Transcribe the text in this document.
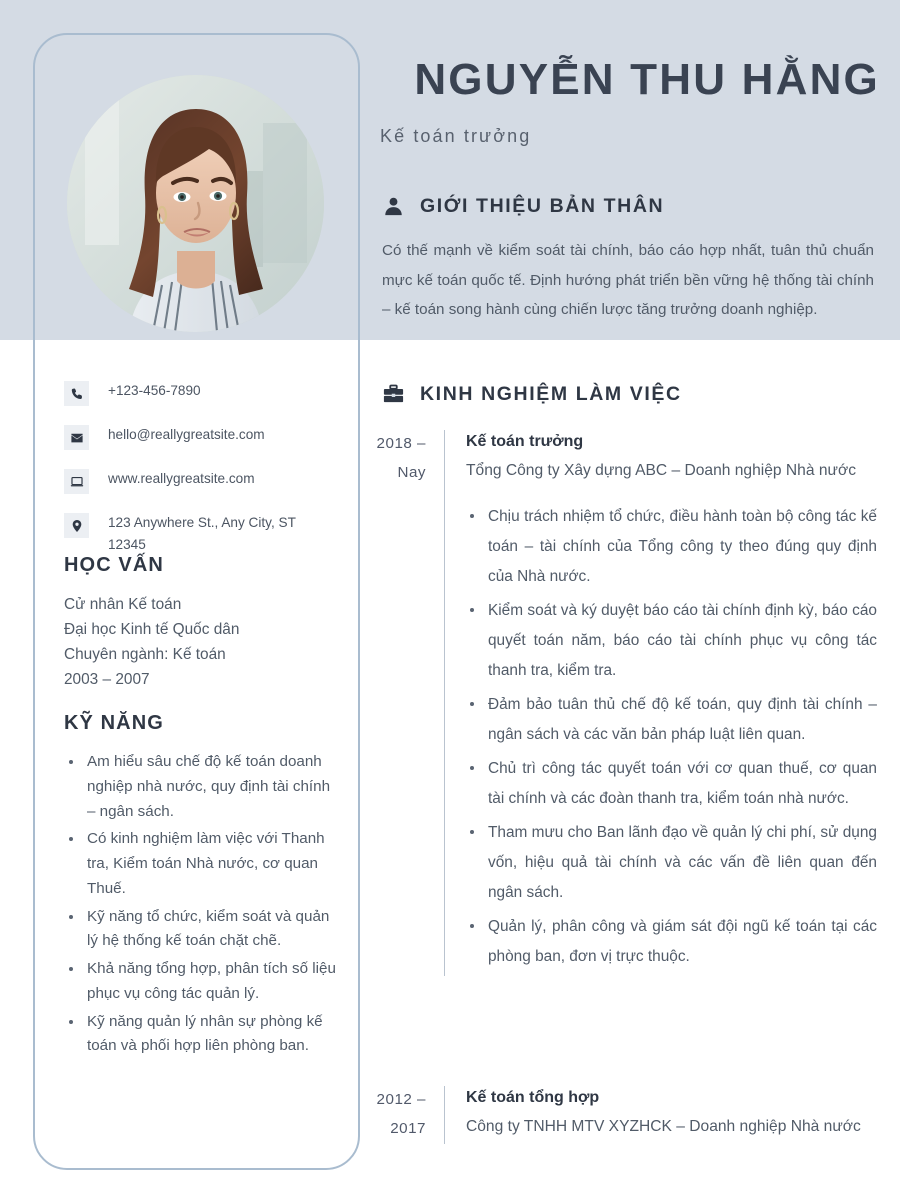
NGUYỄN THU HẰNG
Kế toán trưởng
GIỚI THIỆU BẢN THÂN
Có thế mạnh về kiểm soát tài chính, báo cáo hợp nhất, tuân thủ chuẩn mực kế toán quốc tế. Định hướng phát triển bền vững hệ thống tài chính – kế toán song hành cùng chiến lược tăng trưởng doanh nghiệp.
KINH NGHIỆM LÀM VIỆC
2018 –
Nay
Kế toán trưởng
Tổng Công ty Xây dựng ABC – Doanh nghiệp Nhà nước
Chịu trách nhiệm tổ chức, điều hành toàn bộ công tác kế toán – tài chính của Tổng công ty theo đúng quy định của Nhà nước.
Kiểm soát và ký duyệt báo cáo tài chính định kỳ, báo cáo quyết toán năm, báo cáo tài chính phục vụ công tác thanh tra, kiểm tra.
Đảm bảo tuân thủ chế độ kế toán, quy định tài chính – ngân sách và các văn bản pháp luật liên quan.
Chủ trì công tác quyết toán với cơ quan thuế, cơ quan tài chính và các đoàn thanh tra, kiểm toán nhà nước.
Tham mưu cho Ban lãnh đạo về quản lý chi phí, sử dụng vốn, hiệu quả tài chính và các vấn đề liên quan đến ngân sách.
Quản lý, phân công và giám sát đội ngũ kế toán tại các phòng ban, đơn vị trực thuộc.
2012 –
2017
Kế toán tổng hợp
Công ty TNHH MTV XYZHCK – Doanh nghiệp Nhà nước
+123-456-7890
hello@reallygreatsite.com
www.reallygreatsite.com
123 Anywhere St., Any City, ST 12345
HỌC VẤN
Cử nhân Kế toán
Đại học Kinh tế Quốc dân
Chuyên ngành: Kế toán
2003 – 2007
KỸ NĂNG
Am hiểu sâu chế độ kế toán doanh nghiệp nhà nước, quy định tài chính – ngân sách.
Có kinh nghiệm làm việc với Thanh tra, Kiểm toán Nhà nước, cơ quan Thuế.
Kỹ năng tổ chức, kiểm soát và quản lý hệ thống kế toán chặt chẽ.
Khả năng tổng hợp, phân tích số liệu phục vụ công tác quản lý.
Kỹ năng quản lý nhân sự phòng kế toán và phối hợp liên phòng ban.
